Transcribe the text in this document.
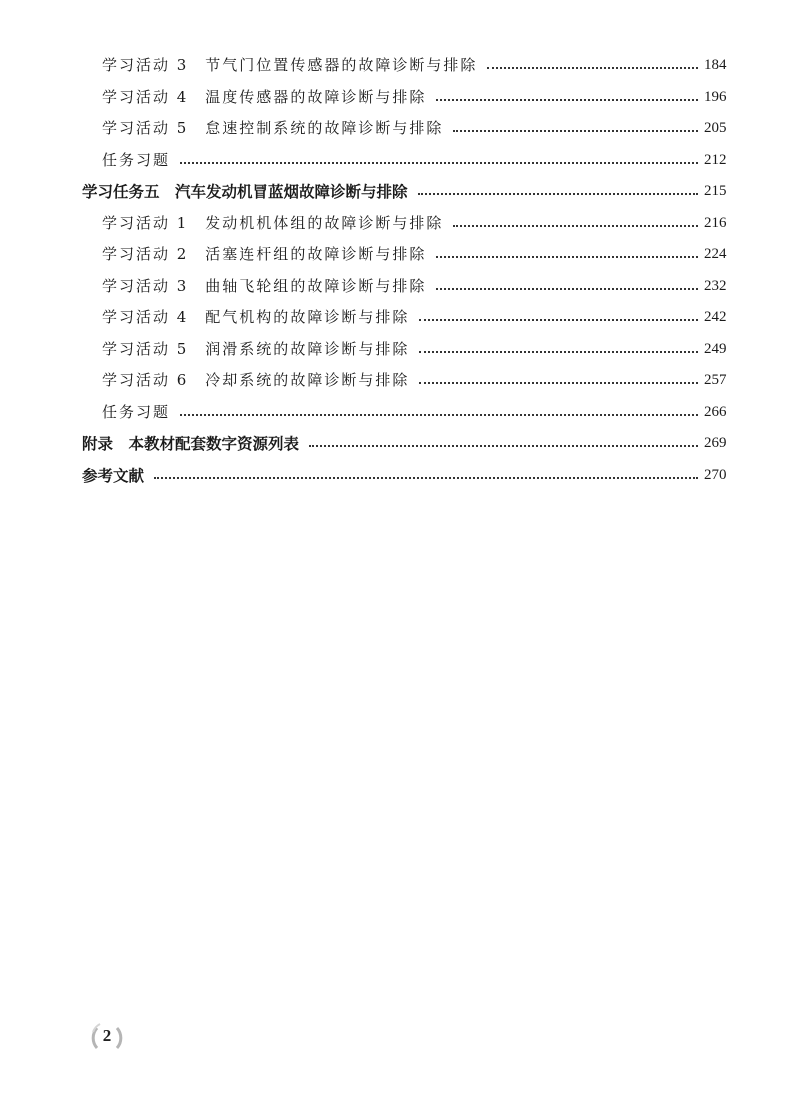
学习活动 3　节气门位置传感器的故障诊断与排除	184
学习活动 4　温度传感器的故障诊断与排除	196
学习活动 5　怠速控制系统的故障诊断与排除	205
任务习题	212
学习任务五　汽车发动机冒蓝烟故障诊断与排除	215
学习活动 1　发动机机体组的故障诊断与排除	216
学习活动 2　活塞连杆组的故障诊断与排除	224
学习活动 3　曲轴飞轮组的故障诊断与排除	232
学习活动 4　配气机构的故障诊断与排除	242
学习活动 5　润滑系统的故障诊断与排除	249
学习活动 6　冷却系统的故障诊断与排除	257
任务习题	266
附录　本教材配套数字资源列表	269
参考文献	270
2
